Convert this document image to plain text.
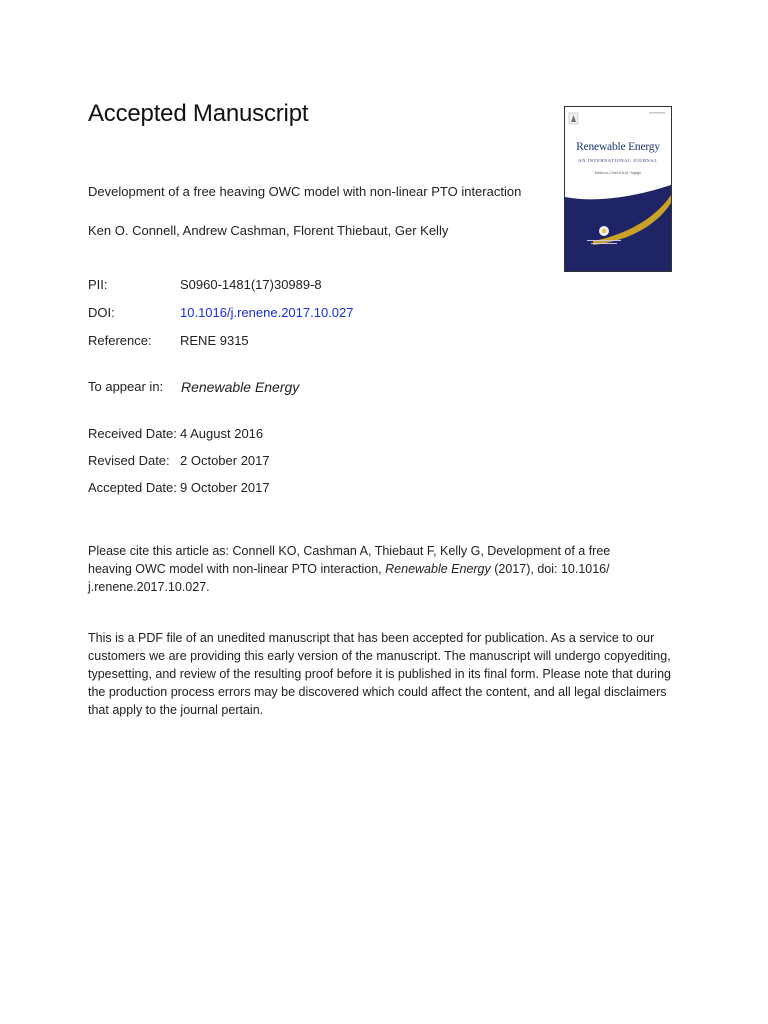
Accepted Manuscript
Development of a free heaving OWC model with non-linear PTO interaction
Ken O. Connell, Andrew Cashman, Florent Thiebaut, Ger Kelly
PII:	S0960-1481(17)30989-8
DOI:	10.1016/j.renene.2017.10.027
Reference: RENE 9315
To appear in: Renewable Energy
Received Date: 4 August 2016
Revised Date: 2 October 2017
Accepted Date: 9 October 2017
Please cite this article as: Connell KO, Cashman A, Thiebaut F, Kelly G, Development of a free heaving OWC model with non-linear PTO interaction, Renewable Energy (2017), doi: 10.1016/ j.renene.2017.10.027.
This is a PDF file of an unedited manuscript that has been accepted for publication. As a service to our customers we are providing this early version of the manuscript. The manuscript will undergo copyediting, typesetting, and review of the resulting proof before it is published in its final form. Please note that during the production process errors may be discovered which could affect the content, and all legal disclaimers that apply to the journal pertain.
Renewable Energy
AN INTERNATIONAL JOURNAL
Editor-in-Chief A.A.M. Sayigh
